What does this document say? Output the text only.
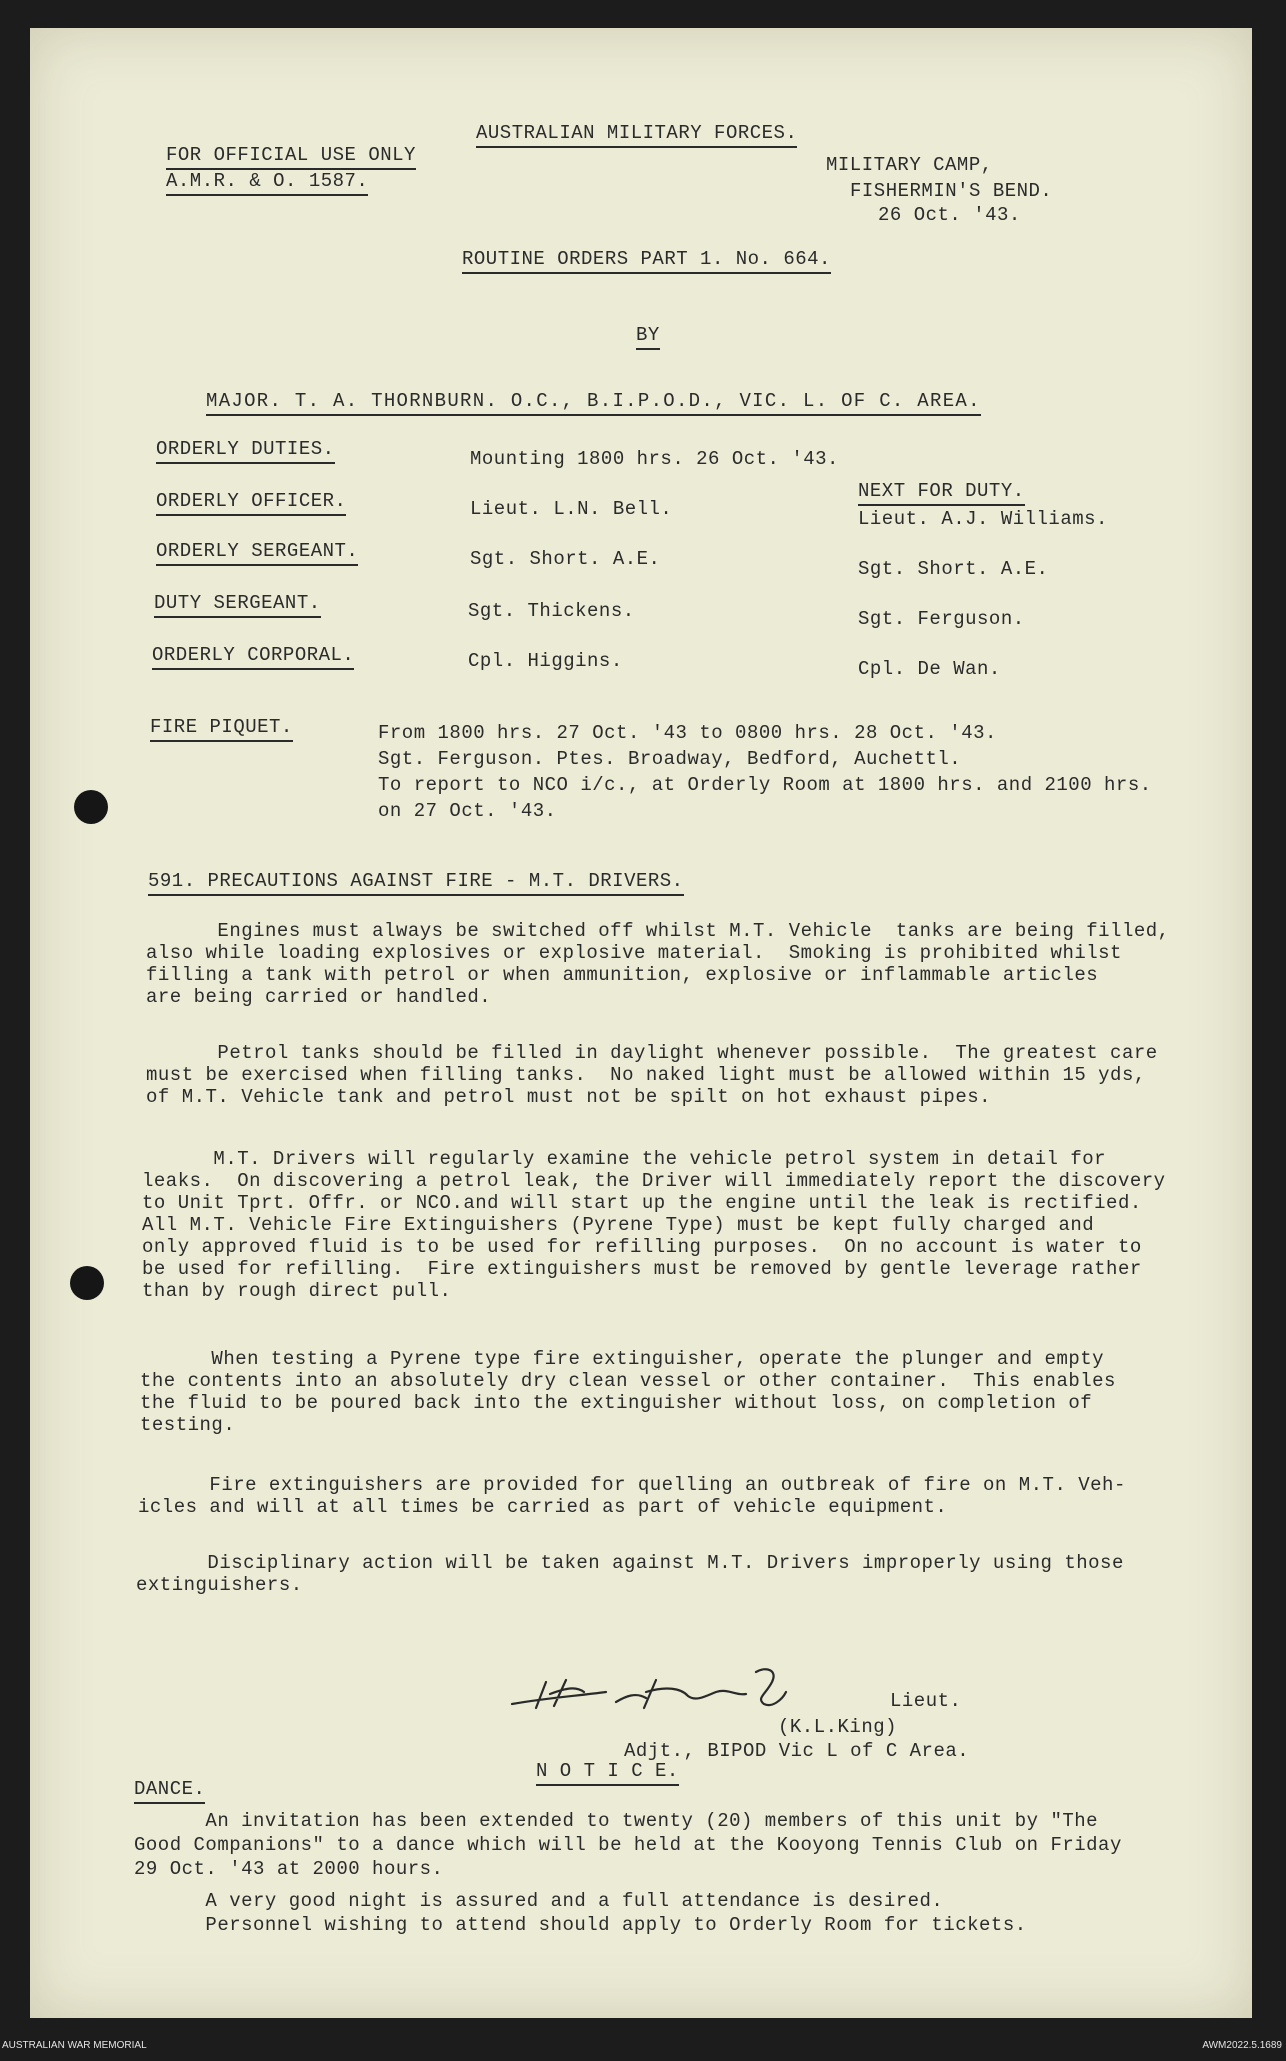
FOR OFFICIAL USE ONLY
A.M.R. & O. 1587.
AUSTRALIAN MILITARY FORCES.
MILITARY CAMP,
FISHERMIN'S BEND.
26 Oct. '43.
ROUTINE ORDERS PART 1. No. 664.
BY
MAJOR. T. A. THORNBURN. O.C., B.I.P.O.D., VIC. L. OF C. AREA.
ORDERLY DUTIES.	Mounting 1800 hrs. 26 Oct. '43.
NEXT FOR DUTY.
ORDERLY OFFICER.	Lieut. L.N. Bell.	Lieut. A.J. Williams.
ORDERLY SERGEANT.	Sgt. Short. A.E.	Sgt. Short. A.E.
DUTY SERGEANT.	Sgt. Thickens.	Sgt. Ferguson.
ORDERLY CORPORAL.	Cpl. Higgins.	Cpl. De Wan.
FIRE PIQUET.	From 1800 hrs. 27 Oct. '43 to 0800 hrs. 28 Oct. '43.
Sgt. Ferguson. Ptes. Broadway, Bedford, Auchettl.
To report to NCO i/c., at Orderly Room at 1800 hrs. and 2100 hrs.
on 27 Oct. '43.
591. PRECAUTIONS AGAINST FIRE - M.T. DRIVERS.
Engines must always be switched off whilst M.T. Vehicle  tanks are being filled,
also while loading explosives or explosive material.  Smoking is prohibited whilst
filling a tank with petrol or when ammunition, explosive or inflammable articles
are being carried or handled.
Petrol tanks should be filled in daylight whenever possible.  The greatest care
must be exercised when filling tanks.  No naked light must be allowed within 15 yds,
of M.T. Vehicle tank and petrol must not be spilt on hot exhaust pipes.
M.T. Drivers will regularly examine the vehicle petrol system in detail for
leaks.  On discovering a petrol leak, the Driver will immediately report the discovery
to Unit Tprt. Offr. or NCO.and will start up the engine until the leak is rectified.
All M.T. Vehicle Fire Extinguishers (Pyrene Type) must be kept fully charged and
only approved fluid is to be used for refilling purposes.  On no account is water to
be used for refilling.  Fire extinguishers must be removed by gentle leverage rather
than by rough direct pull.
When testing a Pyrene type fire extinguisher, operate the plunger and empty
the contents into an absolutely dry clean vessel or other container.  This enables
the fluid to be poured back into the extinguisher without loss, on completion of
testing.
Fire extinguishers are provided for quelling an outbreak of fire on M.T. Veh-
icles and will at all times be carried as part of vehicle equipment.
Disciplinary action will be taken against M.T. Drivers improperly using those
extinguishers.
Lieut.
(K.L.King)
Adjt., BIPOD Vic L of C Area.
N O T I C E.
DANCE.
An invitation has been extended to twenty (20) members of this unit by "The
Good Companions" to a dance which will be held at the Kooyong Tennis Club on Friday
29 Oct. '43 at 2000 hours.
A very good night is assured and a full attendance is desired.
Personnel wishing to attend should apply to Orderly Room for tickets.
AUSTRALIAN WAR MEMORIAL	AWM2022.5.1689
